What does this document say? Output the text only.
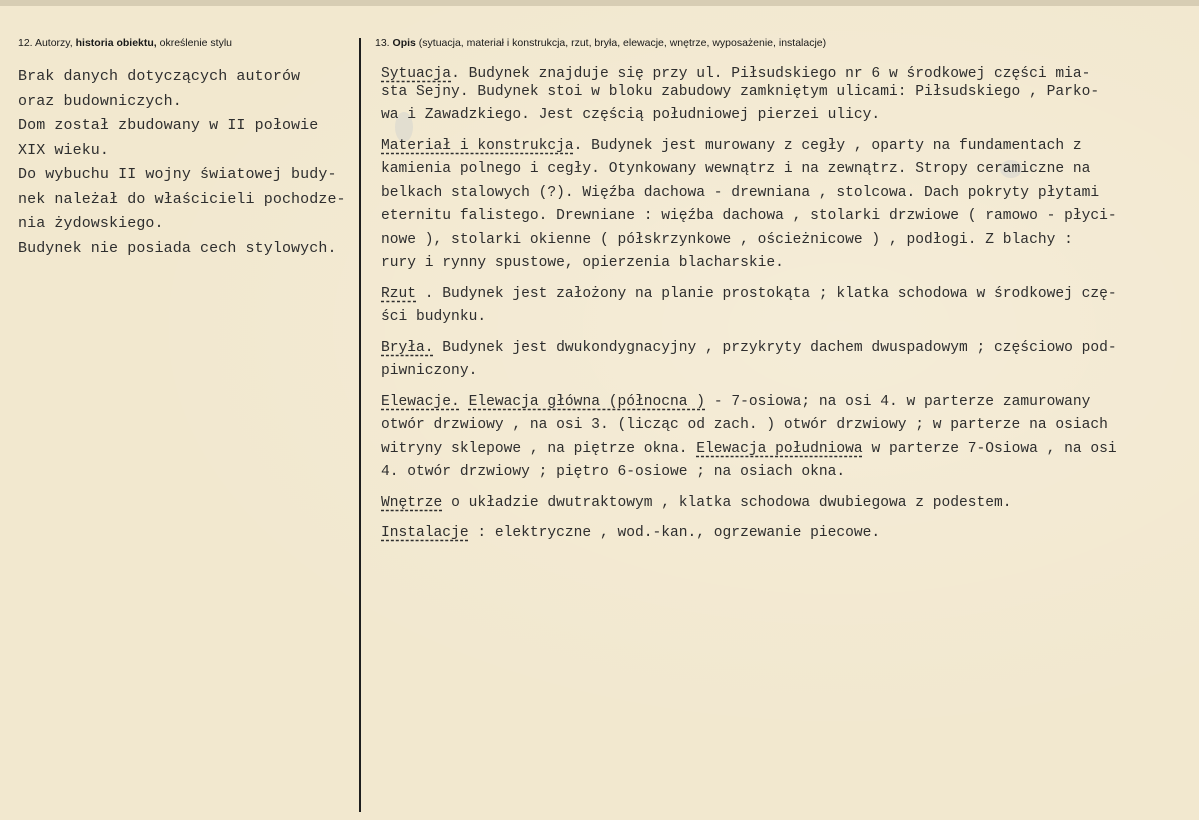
12. Autorzy, historia obiektu, określenie stylu	13. Opis (sytuacja, materiał i konstrukcja, rzut, bryła, elewacje, wnętrze, wyposażenie, instalacje)
Brak danych dotyczących autorów
oraz budowniczych.
Dom został zbudowany w II połowie
XIX wieku.
Do wybuchu II wojny światowej budy-
nek należał do właścicieli pochodze-
nia żydowskiego.
Budynek nie posiada cech stylowych.
Sytuacja. Budynek znajduje się przy ul. Piłsudskiego nr 6 w środkowej części mia-
sta Sejny. Budynek stoi w bloku zabudowy zamkniętym ulicami: Piłsudskiego , Parko-
wa i Zawadzkiego. Jest częścią południowej pierzei ulicy.
Materiał i konstrukcja. Budynek jest murowany z cegły , oparty na fundamentach z
kamienia polnego i cegły. Otynkowany wewnątrz i na zewnątrz. Stropy ceramiczne na
belkach stalowych (?). Więźba dachowa - drewniana , stolcowa. Dach pokryty płytami
eternitu falistego. Drewniane : więźba dachowa , stolarki drzwiowe ( ramowo - płyci-
nowe ), stolarki okienne ( półskrzynkowe , ościeżnicowe ) , podłogi. Z blachy :
rury i rynny spustowe, opierzenia blacharskie.
Rzut . Budynek jest założony na planie prostokąta ; klatka schodowa w środkowej czę-
ści budynku.
Bryła. Budynek jest dwukondygnacyjny , przykryty dachem dwuspadowym ; częściowo pod-
piwniczony.
Elewacje. Elewacja główna (północna ) - 7-osiowa; na osi 4. w parterze zamurowany
otwór drzwiowy , na osi 3. (licząc od zach. ) otwór drzwiowy ; w parterze na osiach
witryny sklepowe , na piętrze okna. Elewacja południowa w parterze 7-Osiowa , na osi
4. otwór drzwiowy ; piętro 6-osiowe ; na osiach okna.
Wnętrze o układzie dwutraktowym , klatka schodowa dwubiegowa z podestem.
Instalacje : elektryczne , wod.-kan., ogrzewanie piecowe.
